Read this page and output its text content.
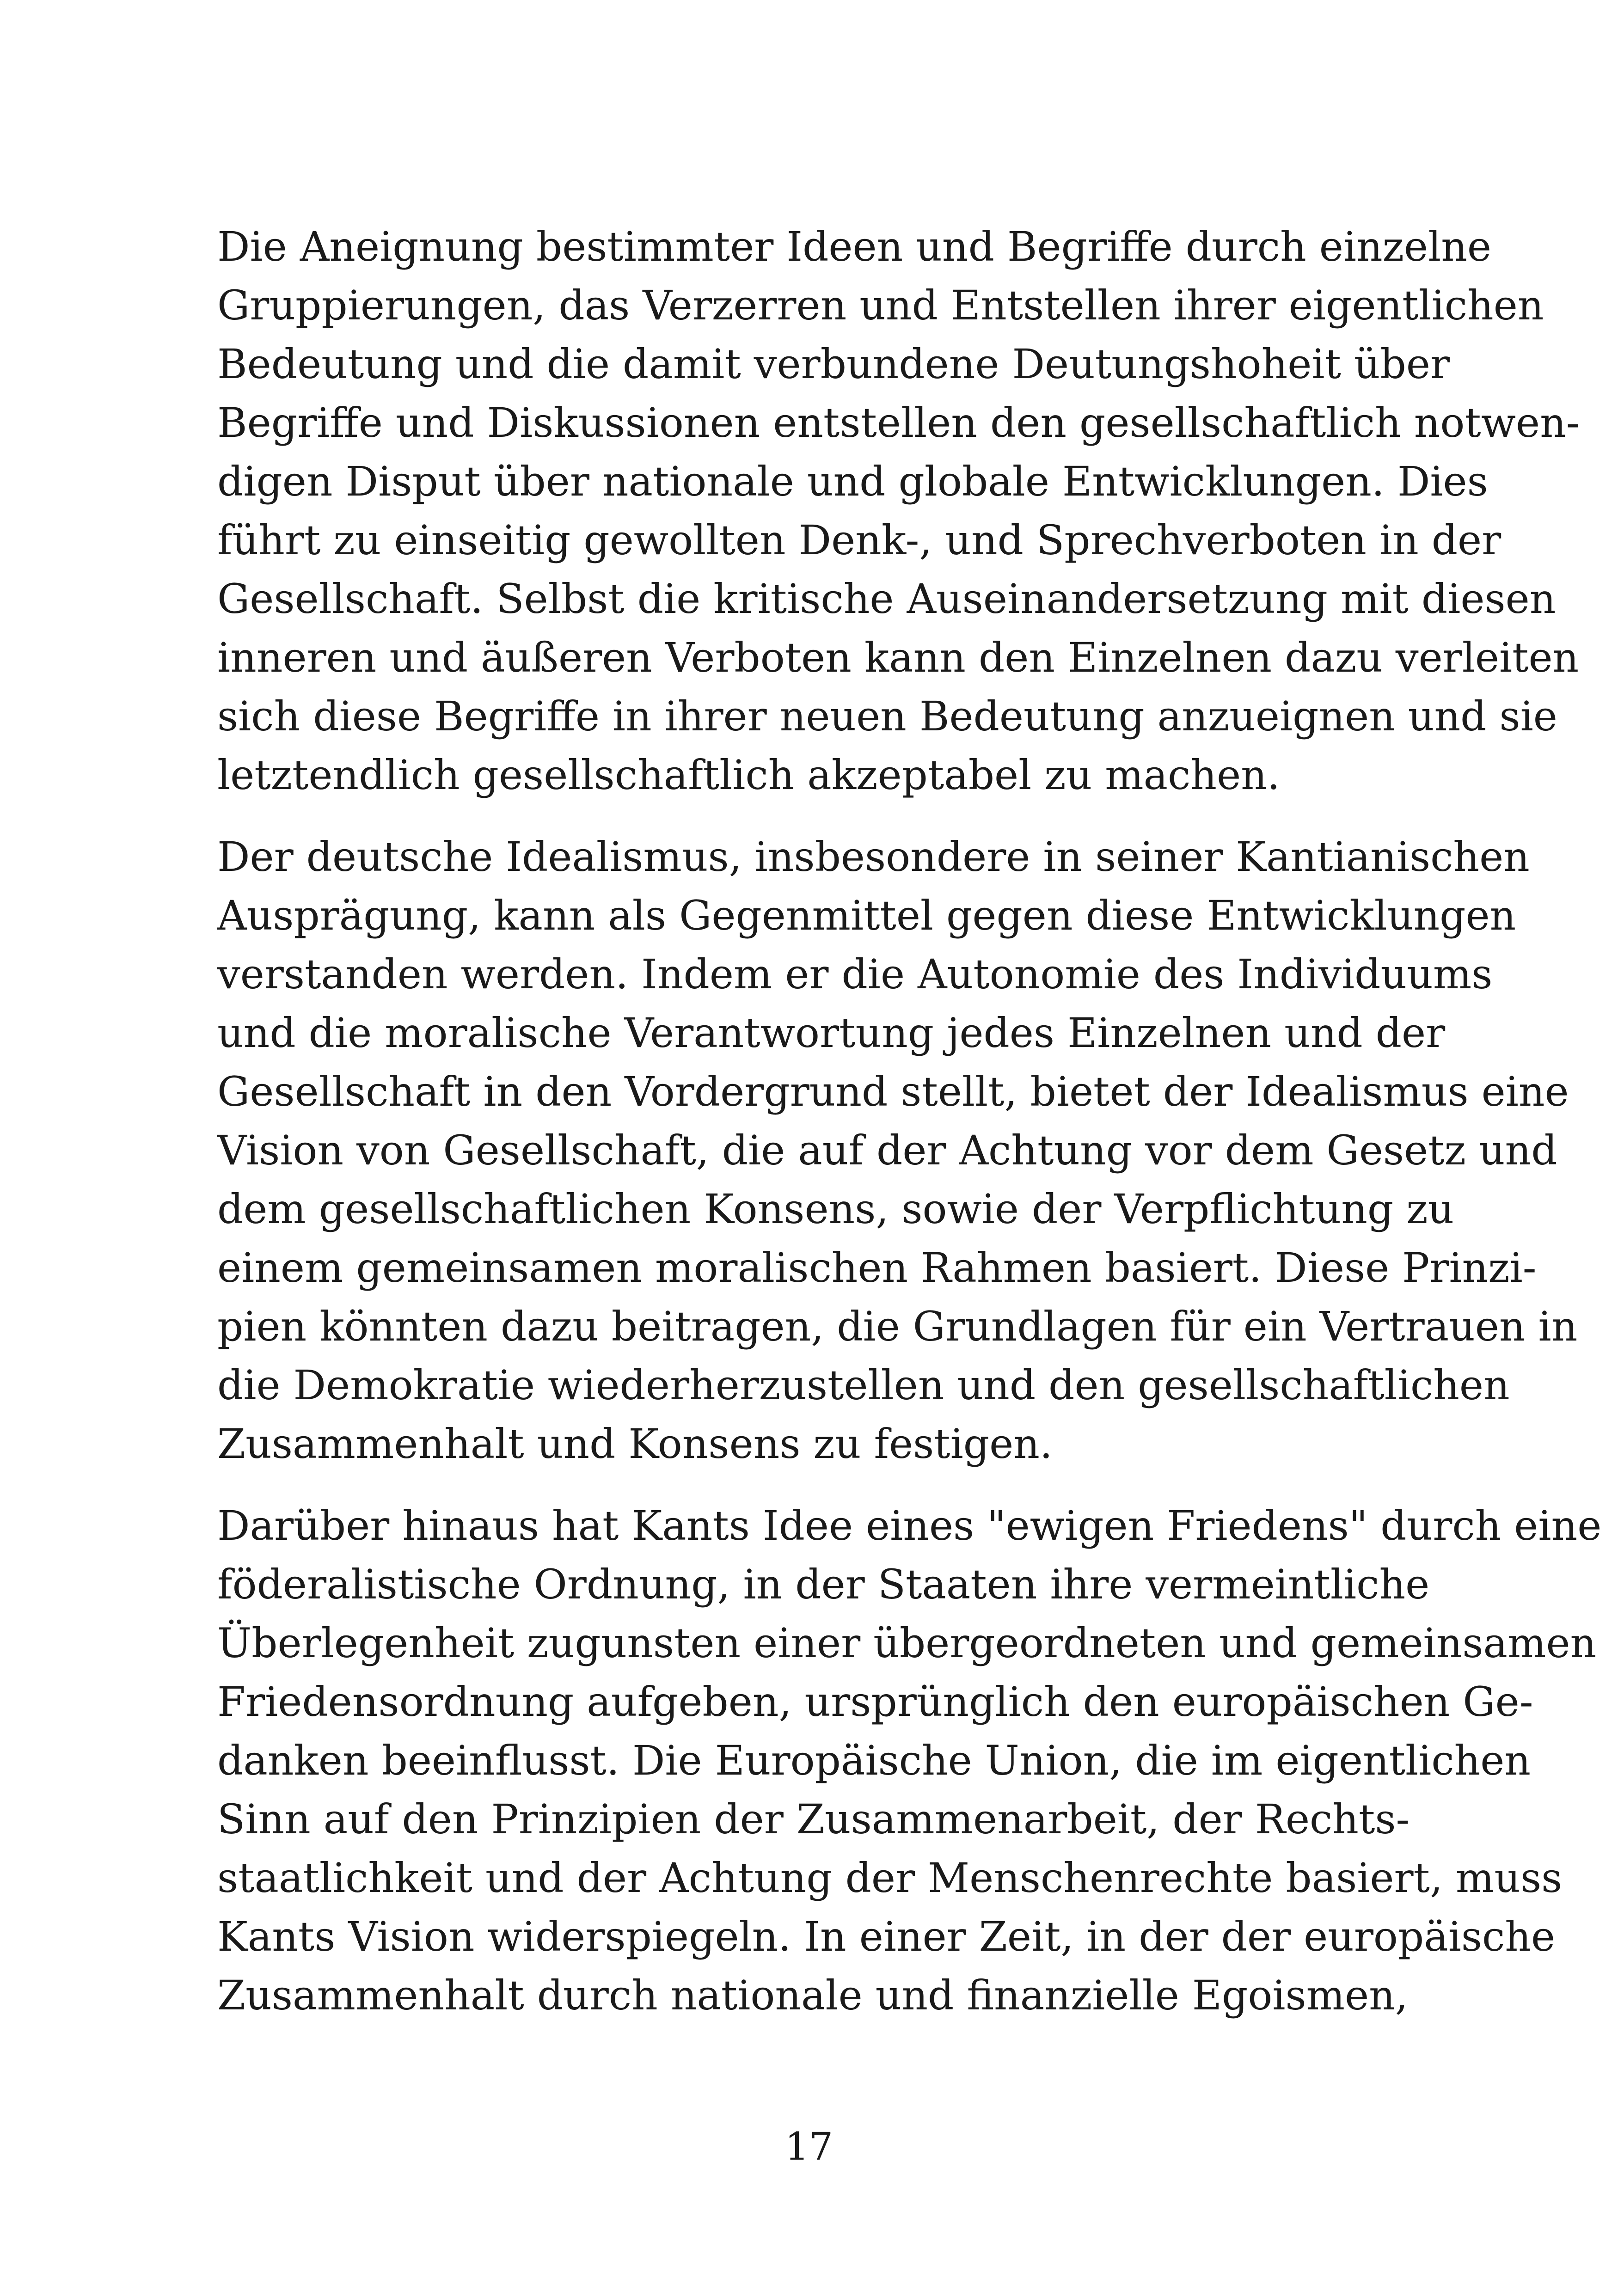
Die Aneignung bestimmter Ideen und Begriffe durch einzelne
Gruppierungen, das Verzerren und Entstellen ihrer eigentlichen
Bedeutung und die damit verbundene Deutungshoheit über
Begriffe und Diskussionen entstellen den gesellschaftlich notwen-
digen Disput über nationale und globale Entwicklungen. Dies
führt zu einseitig gewollten Denk-, und Sprechverboten in der
Gesellschaft. Selbst die kritische Auseinandersetzung mit diesen
inneren und äußeren Verboten kann den Einzelnen dazu verleiten
sich diese Begriffe in ihrer neuen Bedeutung anzueignen und sie
letztendlich gesellschaftlich akzeptabel zu machen.
Der deutsche Idealismus, insbesondere in seiner Kantianischen
Ausprägung, kann als Gegenmittel gegen diese Entwicklungen
verstanden werden. Indem er die Autonomie des Individuums
und die moralische Verantwortung jedes Einzelnen und der
Gesellschaft in den Vordergrund stellt, bietet der Idealismus eine
Vision von Gesellschaft, die auf der Achtung vor dem Gesetz und
dem gesellschaftlichen Konsens, sowie der Verpflichtung zu
einem gemeinsamen moralischen Rahmen basiert. Diese Prinzi-
pien könnten dazu beitragen, die Grundlagen für ein Vertrauen in
die Demokratie wiederherzustellen und den gesellschaftlichen
Zusammenhalt und Konsens zu festigen.
Darüber hinaus hat Kants Idee eines "ewigen Friedens" durch eine
föderalistische Ordnung, in der Staaten ihre vermeintliche
Überlegenheit zugunsten einer übergeordneten und gemeinsamen
Friedensordnung aufgeben, ursprünglich den europäischen Ge-
danken beeinflusst. Die Europäische Union, die im eigentlichen
Sinn auf den Prinzipien der Zusammenarbeit, der Rechts-
staatlichkeit und der Achtung der Menschenrechte basiert, muss
Kants Vision widerspiegeln. In einer Zeit, in der der europäische
Zusammenhalt durch nationale und finanzielle Egoismen,
17
